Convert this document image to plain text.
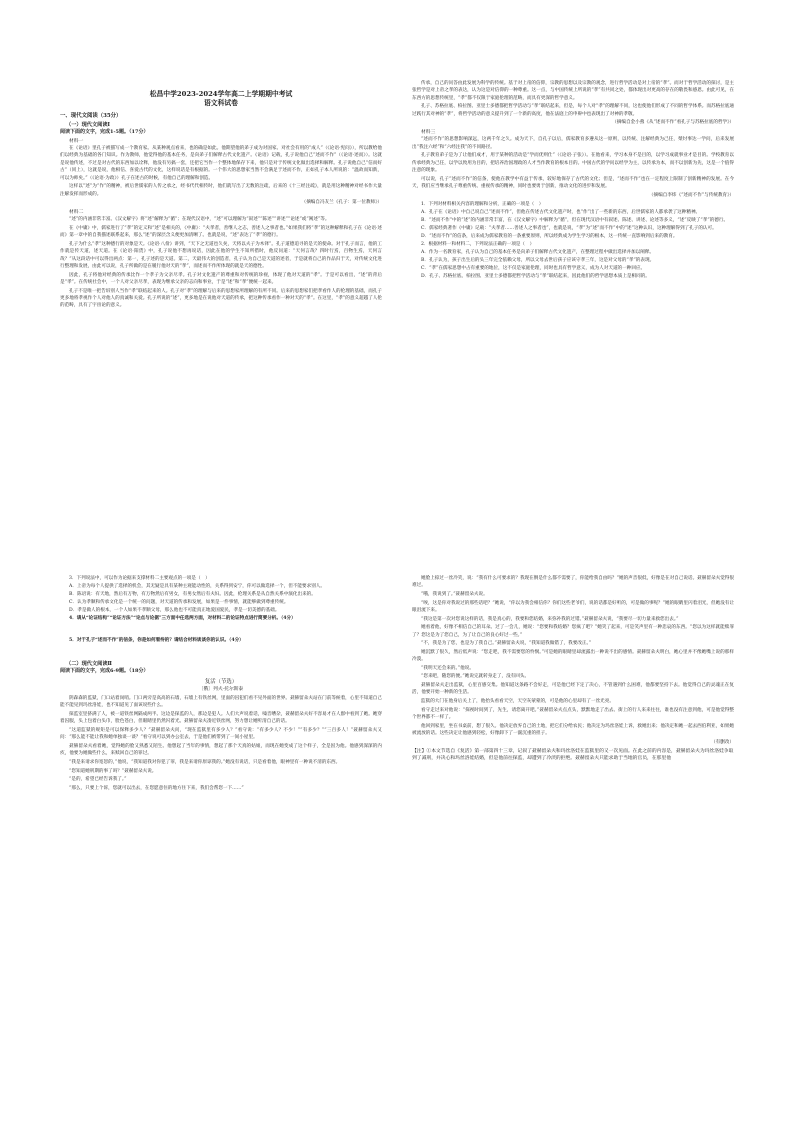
松昌中学2023-2024学年高二上学期期中考试
语文科试卷
一、现代文阅读（35分）
（一）现代文阅读Ⅰ
阅读下面的文字，完成1-5题。（17分）
材料一

在《论语》里孔子被描写成一个教育家。从某种观点看来，也的确是如此。他期望他的弟子成为对国家、对社会有用的“成人”（《论语·宪问》），所以教给他们以经典为基础的各门知识。作为教师，他觉得他的基本任务，是向弟子们解释古代文化遗产。《论语》记载，孔子说他自己“述而不作”（《论语·述而》）。这就是说他传述，不过是对古代的东西加以诠释，他没有另搞一套，还把它当作一个整体地保存下来，他只是对于传统文化做出选择和解释。孔子说他自己“信而好古”（同上），这就是说，他相信、喜爱古代的文化，这样说话是有根据的。一个伟大的思想家当然不会满足于述而不作，正如孔子本人所说的：“温故而知新，可以为师矣。”（《论语·为政》）孔子在述古的时候，有他自己的理解和创造。

这样以“述”为“作”的精神，被后世儒家的人传之承之，经书代代相传时，他们就写出了无数的注疏，后来的《十三经注疏》，就是用这种精神对经书作大量注解发挥而形成的。

（摘编自冯友兰《孔子：第一位教师》）
材料二

“述”的内涵非常丰富。《汉文解字》将“述”解释为“循”；在现代汉语中，“述”可以理解为“叙述”“陈述”“讲述”“论述”或“阐述”等。

在《中庸》中，儒家进行了“孝”的定义和“述”是相关的，《中庸》：“夫孝者，善继人之志，善述人之事者也。”如果我们将“孝”的这种解释和孔子在《论语·述而》第一章中的自我描述联系起来，那么“述”的深层含义便更加清晰了。也就是说，“述”表达了“孝”的德行。

孔子为什么“孝”这种德行的对象是天。《论语·八佾》讲到，“天下之无道也久矣，天将以夫子为木铎”。孔子道德追寻的是天的使命。对于孔子而言，他的工作就是传天道，述天道。在《论语·阳货》中，孔子说他不想再说话，因此在他的学生不知所措时，他反问道：“天何言哉？四时行焉，百物生焉，天何言哉？”从这段话中可以得出两点：第一，孔子述的是天道。第二，天最伟大的创造者，孔子认为自己是天道的述者，于是就将自己的作品归于天，对传统文化进行整理和发展，由此可以说，孔子所做的是在履行他对天的“孝”，而述而不作所体现的就是天的德性。

因此，孔子将他对经典的传承比作一个孝子为父亲尽孝。孔子对文化遗产的尊重和对传统的珍视，体现了他对天道的“孝”。于是可以看出，“述”的背后是“孝”。在传统社会中，一个人对父亲尽孝，表现为继承父亲的志向和事业，于是“述”和“孝”便统一起来。

孔子不是唯一把告诉别人当作“孝”联结起来的人。孔子对“孝”的理解与后来的思想家所理解的有所不同。后来的思想家们把孝看作人的伦理的基础，而孔子更多地将孝视作个人对他人的真诚和关爱。孔子所说的“述”，更多地是在说他对天道的传承，把这种传承看作一种对天的“孝”。在这里，“孝”的意义超越了人伦的范畴，具有了宇宙论的意义。

传承，自己的问答由此发展为科学的传统。基于对上帝的信仰，宗教的思想以及宗教的观念，进行哲学活动是对上帝的“孝”。而对于哲学活动的探讨，是主张哲学是对上帝之孝的表达，认为这是对信仰的一种尊重。这一点，与中国传统上所说的“孝”有共同之处，都体现出对更高的存在的敬畏和感恩。由此可见，在东西方的思想传统里，“孝”都不仅限于家庭伦理的范畴，而具有更深的哲学意义。

孔子、苏格拉底、柏拉图、亚里士多德都把哲学活动与“孝”联结起来，但是，每个人对“孝”的理解不同，这也使他们形成了不同的哲学体系。而苏格拉底通过践行其对神的“孝”，将哲学活动的意义提升到了一个新的高度，他在法庭上的申辩中也表现出了对神的孝敬。

（摘编自金小燕《从“述而不作”看孔子与苏格拉底的哲学》）
材料三

“述而不作”的思想影响深远，这两千年之久。成为天下，自孔子以后，儒家教育多遵从这一原则，以传统、注解经典为己任，桀纣事达一学问，后来发展出“我注六经”和“六经注我”的不同路径。

孔子教育弟子是为了让他们成才，用于某种的活动是“学而优则仕”（《论语·子张》）。在他看来，学习本身不是目的，以学习成就事业才是目的。学校教育以传承经典为己任，以学以致用为目的，把培养治国理政的人才当作教育的根本目的。中国古代的学问以经学为主，以传承为本，而不以创新为先，这是一个值得注意的现象。

可以说，孔子“述而不作”的信条，使他在教学中有益于传承，较好地保存了古代的文化；但是，“述而不作”也在一定程度上限制了创新精神的发展。在今天，我们应当继承孔子尊重传统、重视传承的精神，同时也要勇于创新，推动文化的进步和发展。

（摘编自李炜《“述而不作”与传统教育》）
1．下列对材料相关内容的理解和分析，正确的一项是（　）
A．孔子在《论语》中自己说自己“述而不作”，但他在传述古代文化遗产时，也“作”出了一些新的东西，后世儒家的人都承袭了这种精神。
B．“述而不作”中的“述”的内涵非常丰富，在《汉文解字》中解释为“循”，但在现代汉语中有叙述、陈述、讲述、论述等多义，“述”反映了“孝”的德行。
C．儒家经典著作《中庸》记载：“夫孝者……善述人之事者也”，也就是说，“孝”为“述”而不作”中的“述”这种认识，这种理解得到了孔子的认可。
D．“述而不作”的信条，后来成为儒家教育的一条重要原则，所以经典成为学生学习的根本，这一传统一直影响到后来的教育。
2．根据材料一和材料二，下列说法正确的一项是（　）
A．作为一名教育家，孔子认为自己的基本任务是向弟子们解释古代文化遗产，在整理过程中做出选择并加以阐释。
B．孔子认为，孩子出生后的头三年完全依赖父母，所以父母去世后孩子应该守孝三年，这是对父母的“孝”的表现。
C．“孝”在儒家思想中占有重要的地位，这不仅是家庭伦理，同时也具有哲学意义，成为人对天道的一种回应。
D．孔子、苏格拉底、柏拉图、亚里士多德都把哲学活动与“孝”联结起来，因此他们的哲学思想本质上是相同的。
3．下列说法中，可以作为论据来支撑材料二主要观点的一项是（　）
A．上帝为每个人提供了选择的机会，其无疑是具有某种主观能动性的，关系得到安宁，你可以做选择一个，但不能要求别人。
B．陈语说：有天地，然后有万物，有万物然后有男女，有男女然后有夫妇。因此，伦理关系是从自然关系中演化出来的。
C．认为孝顺和传承文化是一个统一的问题，对天道的传承和发展，如果是一件事情，就能够做到尊重传统。
D．孝是做人的根本，一个人如果不孝顺父母，那么他也不可能真正地爱国爱民，孝是一切美德的基础。
4．请从“论证结构”“论证方法”“论点与论据”三方面中任选两方面，对材料二的论证特点进行简要分析。（4分）
5．对于孔子“述而不作”的信条，你是如何看待的？请结合材料谈谈你的认识。（4分）
（二）现代文阅读Ⅱ
阅读下面的文字，完成6-9题。（18分）
复活（节选）
〔俄〕列夫·托尔斯泰

阴森森的监狱，门口站着岗哨。门口两旁是高高的石墙，石墙上有铁丝网，里面的囚犯们看不见外面的世界。聂赫留朵夫站在门前等候着，心里不知道自己能不能见到玛丝洛娃，也不知道见了面该说些什么。

探监室里挤满了人，被一道铁丝网隔成两半。这边是探监的人，那边是犯人。人们大声说着话，嗓音嘈杂，聂赫留朵夫好不容易才在人群中看到了她。她穿着囚服，头上包着白头巾，脸色苍白，但眼睛里仍然闪着光。聂赫留朵夫凑近铁丝网，努力想让她听清自己的话。

“这道监狱的规矩是可以保释多少人？”聂赫留朵夫问，“现在监狱里有多少人？”看守说：“有多少人？不少！”“有多少？”“三百多人！”聂赫留朵夫又问：“那么能不能让我和她单独谈一谈？”看守说可以到办公室去，于是他们被带到了一间小屋里。

聂赫留朵夫看着她，觉得她的脸又熟悉又陌生。他想起了当年的事情，想起了那个天真的姑娘，而现在她变成了这个样子，全是因为他。他感到深深的内疚，他要为她做些什么，来赎回自己的罪过。

“我是来请求你宽恕的，”他说，“我知道我对你犯了罪，我是来请你原谅我的。”她没有说话，只是看着他，眼神里有一种说不清的东西。

“您知道她刑期的事了吗？”聂赫留朵夫说。

“是的，希望已经告诉我了。”

“那么，只要上个诉，您就可以出去，在您愿意住的地方住下来，我们会帮您一下……”

她脸上掠过一丝冷笑，说：“我有什么可要求的？我现在倒是什么都不需要了，你能给我自由吗？”她的声音很低，好像是在对自己说话。聂赫留朵夫觉得很难过。

“哦，我说到了。”聂赫留朵夫说。

“唉，这是你对我说过的那些话吧？”她说，“你以为我会相信你？你们这些老爷们，说的话都是好听的，可是做的事呢？”她的眼睛里闪着泪光，但她没有让眼泪流下来。

“我这是第一次对您说这样的话，我是真心的，我要和您结婚，来弥补我的过错。”聂赫留朵夫说，“我要尽一切力量来救您出去。”

她看着他，好像不相信自己的耳朵。过了一会儿，她说：“您要和我结婚？您疯了吧？”她笑了起来，可是笑声里有一种悲哀的东西。“您以为这样就能赎罪了？您这是为了您自己，为了让自己的良心好过一些。”

“不，我是为了您，也是为了我自己。”聂赫留朵夫说，“我知道我做错了，我要改正。”

她沉默了很久，然后低声说：“您走吧，我不需要您的怜悯。”可是她的眼睛里却流露出一种说不出的感情。聂赫留朵夫明白，她心里并不像她嘴上说的那样冷漠。

“我明天还会来的。”他说。

“您来吧，随您的便。”她说完就转身走了，没有回头。

聂赫留朵夫走出监狱，心里百感交集。他知道这条路不会好走，可是他已经下定了决心，不管遇到什么困难，他都要坚持下去。他觉得自己的灵魂正在复活，他要开始一种新的生活。

监狱的大门在他身后关上了，他抬头看看天空，天空灰蒙蒙的，可是他的心里却有了一丝光亮。

看守走过来对他说：“探视时间到了，先生，请您离开吧。”聂赫留朵夫点点头，默默地走了出去。街上的行人来来往往，谁也没有注意到他，可是他觉得整个世界都不一样了。

他回到家里，坐在书桌前，想了很久。他决定放弃自己的土地，把它们分给农民；他决定为玛丝洛娃上诉，救她出来；他决定和她一起去西伯利亚，如果她被流放的话。这些决定让他感到轻松，好像卸下了一副沉重的担子。

（有删改）
【注】①本文节选自《复活》第一部第四十三章，记叙了聂赫留朵夫和玛丝洛娃在监狱里的又一次见面。在此之前的内容是，聂赫留朵夫为玛丝洛娃争取到了减刑，并决心和玛丝洛娃结婚，但是他前往探监，却遭到了冷淡的拒绝。聂赫留朵夫只能求助于当地的官员，在那里他
